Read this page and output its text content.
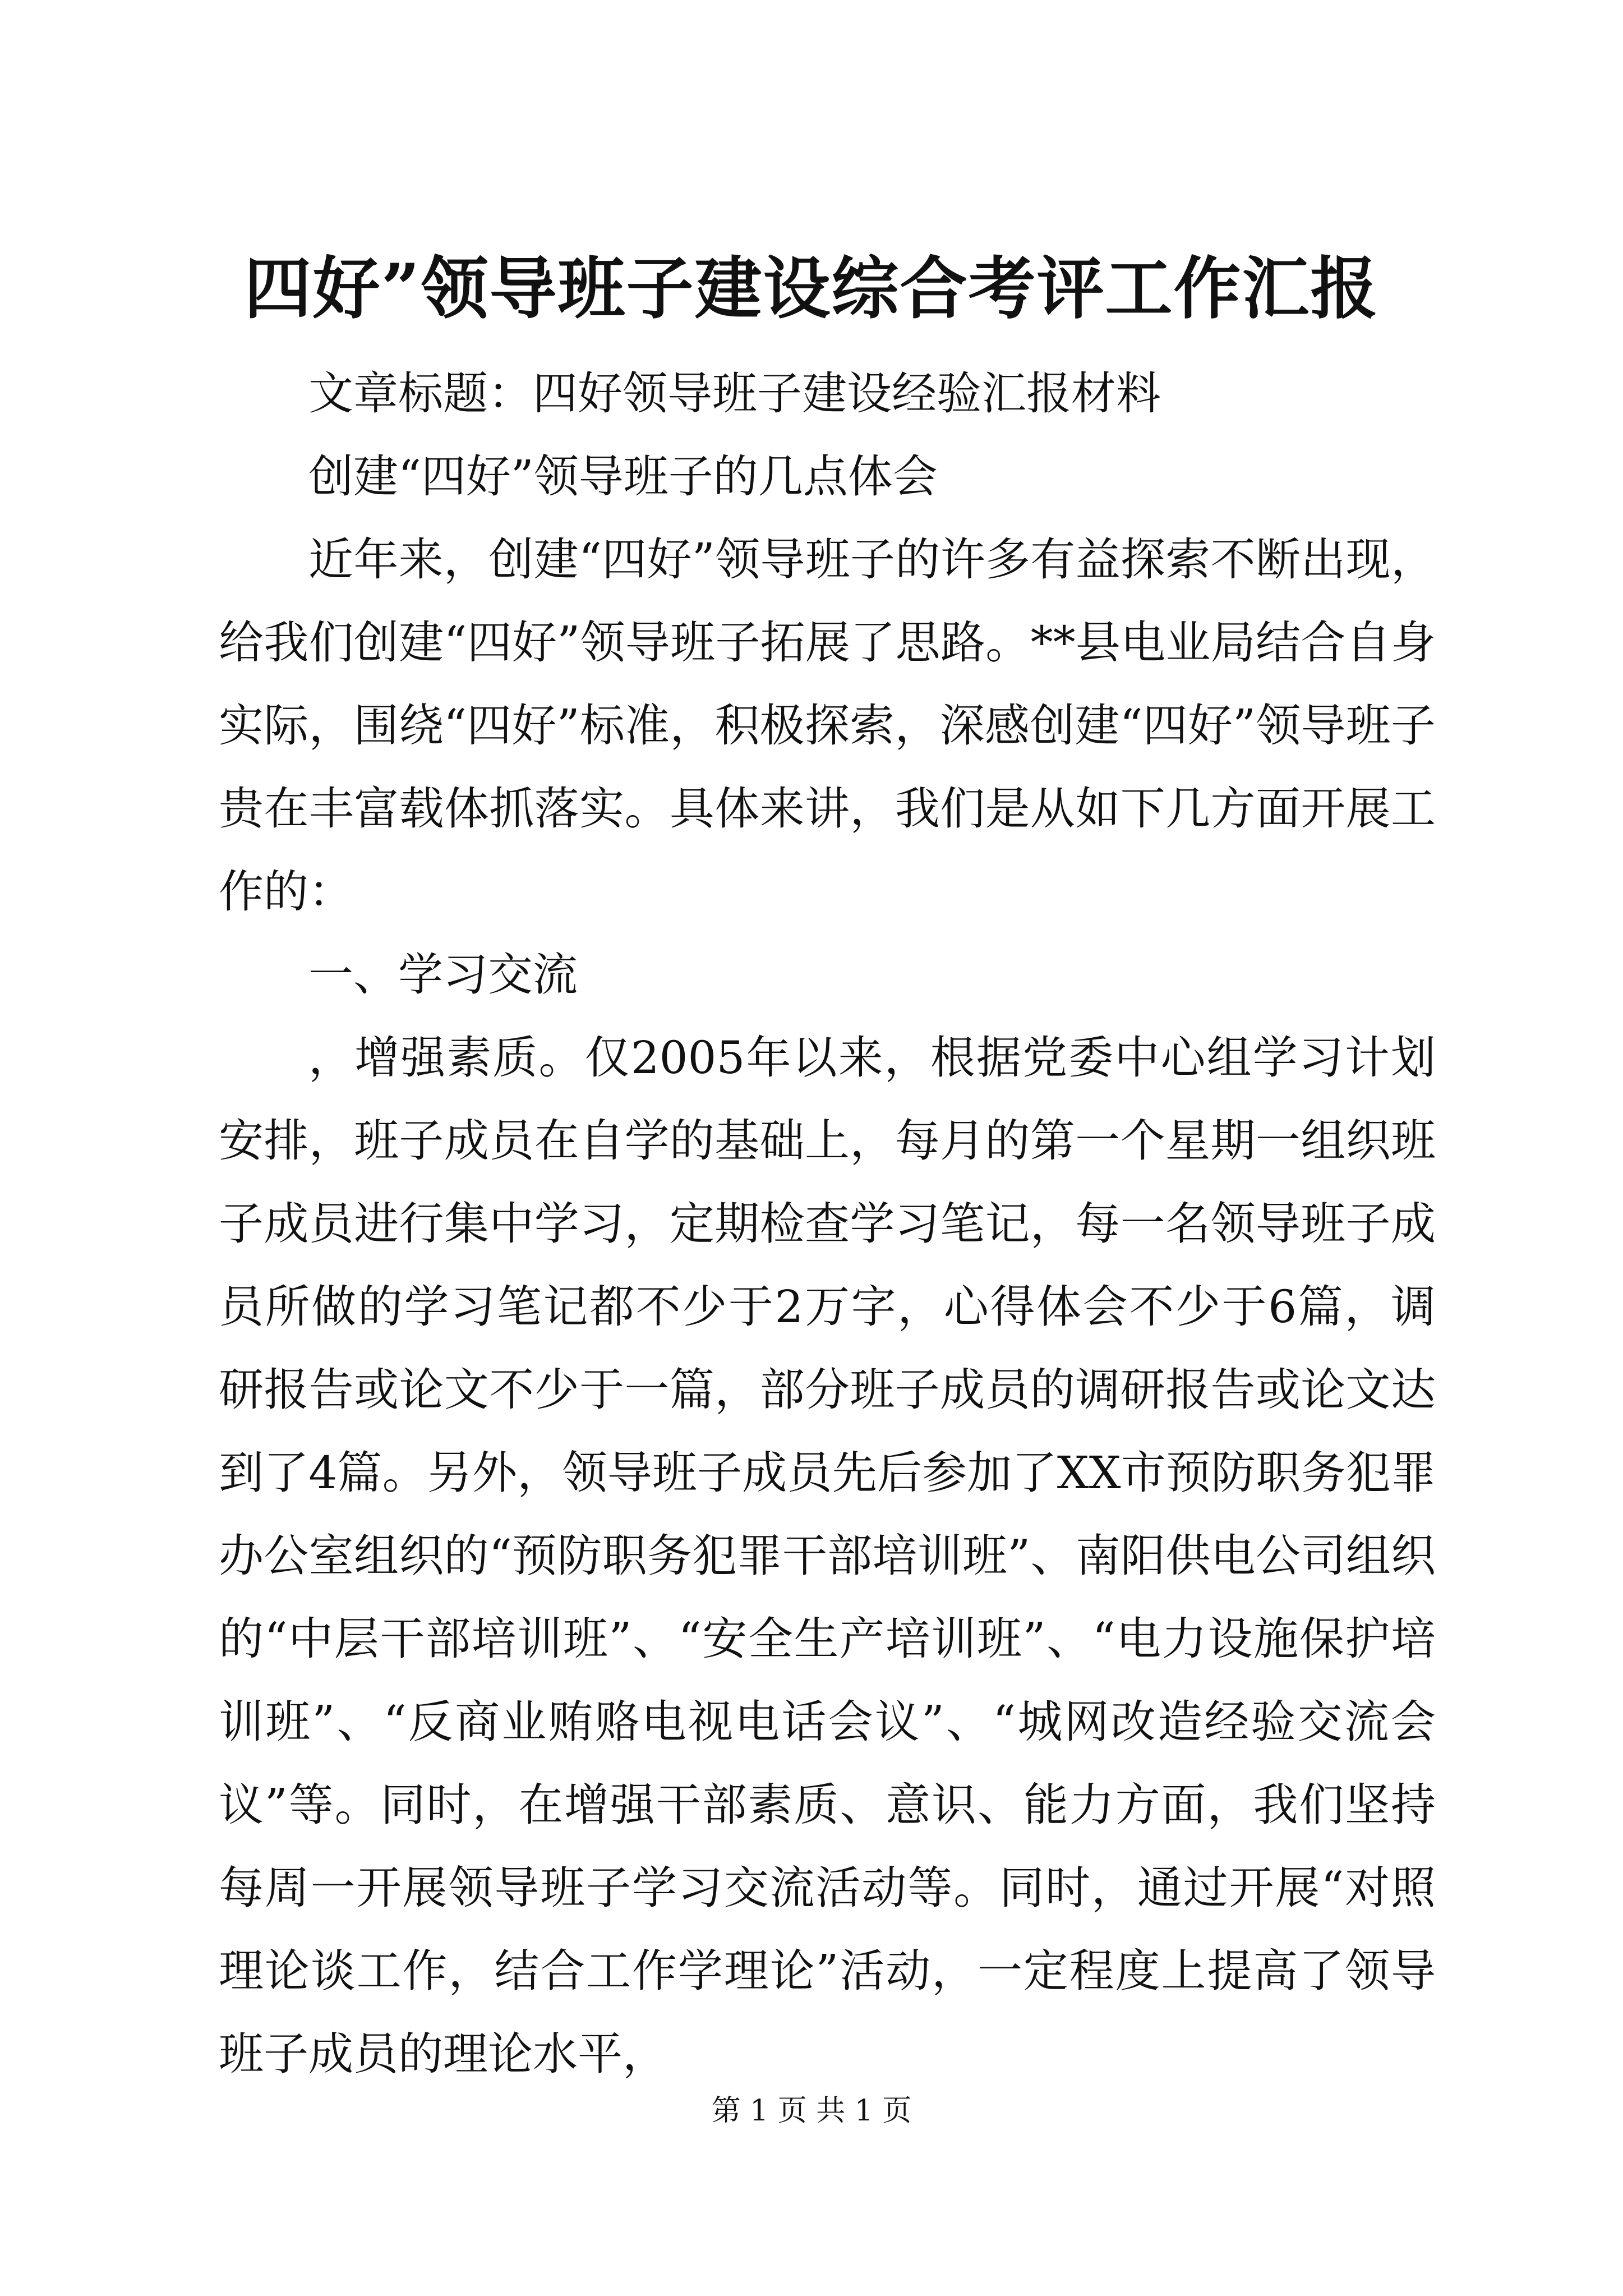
四好”领导班子建设综合考评工作汇报

文章标题：四好领导班子建设经验汇报材料

创建“四好”领导班子的几点体会

近年来，创建“四好”领导班子的许多有益探索不断出现，给我们创建“四好”领导班子拓展了思路。**县电业局结合自身实际，围绕“四好”标准，积极探索，深感创建“四好”领导班子贵在丰富载体抓落实。具体来讲，我们是从如下几方面开展工作的：

一、学习交流

，增强素质。仅2005年以来，根据党委中心组学习计划安排，班子成员在自学的基础上，每月的第一个星期一组织班子成员进行集中学习，定期检查学习笔记，每一名领导班子成员所做的学习笔记都不少于2万字，心得体会不少于6篇，调研报告或论文不少于一篇，部分班子成员的调研报告或论文达到了4篇。另外，领导班子成员先后参加了XX市预防职务犯罪办公室组织的“预防职务犯罪干部培训班”、南阳供电公司组织的“中层干部培训班”、“安全生产培训班”、“电力设施保护培训班”、“反商业贿赂电视电话会议”、“城网改造经验交流会议”等。同时，在增强干部素质、意识、能力方面，我们坚持每周一开展领导班子学习交流活动等。同时，通过开展“对照理论谈工作，结合工作学理论”活动，一定程度上提高了领导班子成员的理论水平，

第 1 页 共 1 页
